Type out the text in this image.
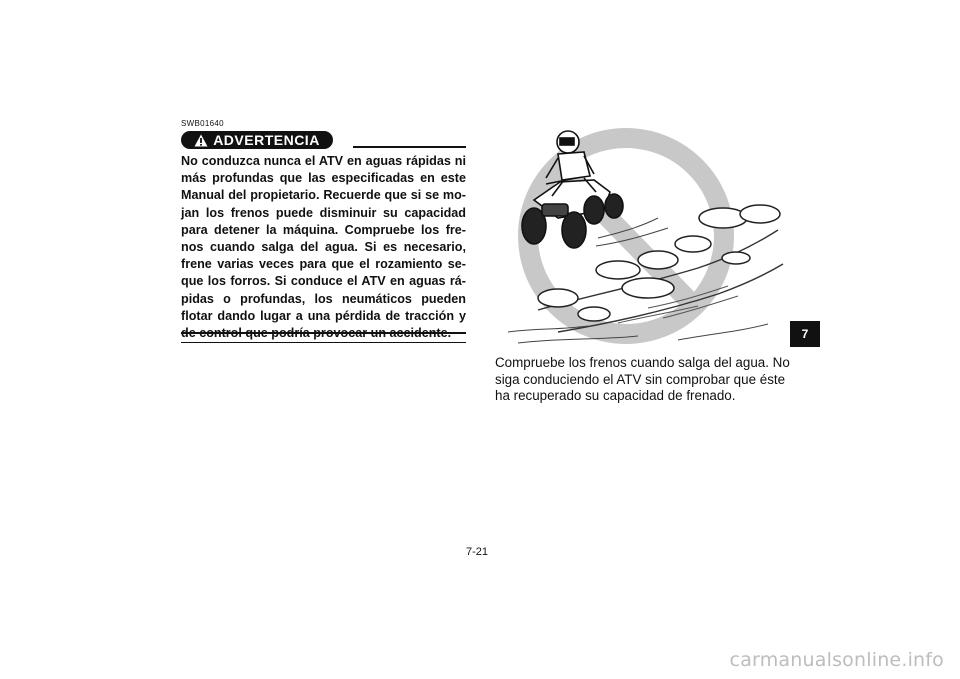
SWB01640
ADVERTENCIA
No conduzca nunca el ATV en aguas rápidas ni
más profundas que las especificadas en este
Manual del propietario. Recuerde que si se mo-
jan los frenos puede disminuir su capacidad
para detener la máquina. Compruebe los fre-
nos cuando salga del agua. Si es necesario,
frene varias veces para que el rozamiento se-
que los forros. Si conduce el ATV en aguas rá-
pidas o profundas, los neumáticos pueden
flotar dando lugar a una pérdida de tracción y
Compruebe los frenos cuando salga del agua. No
siga conduciendo el ATV sin comprobar que éste
ha recuperado su capacidad de frenado.
7
7-21
carmanualsonline.info
